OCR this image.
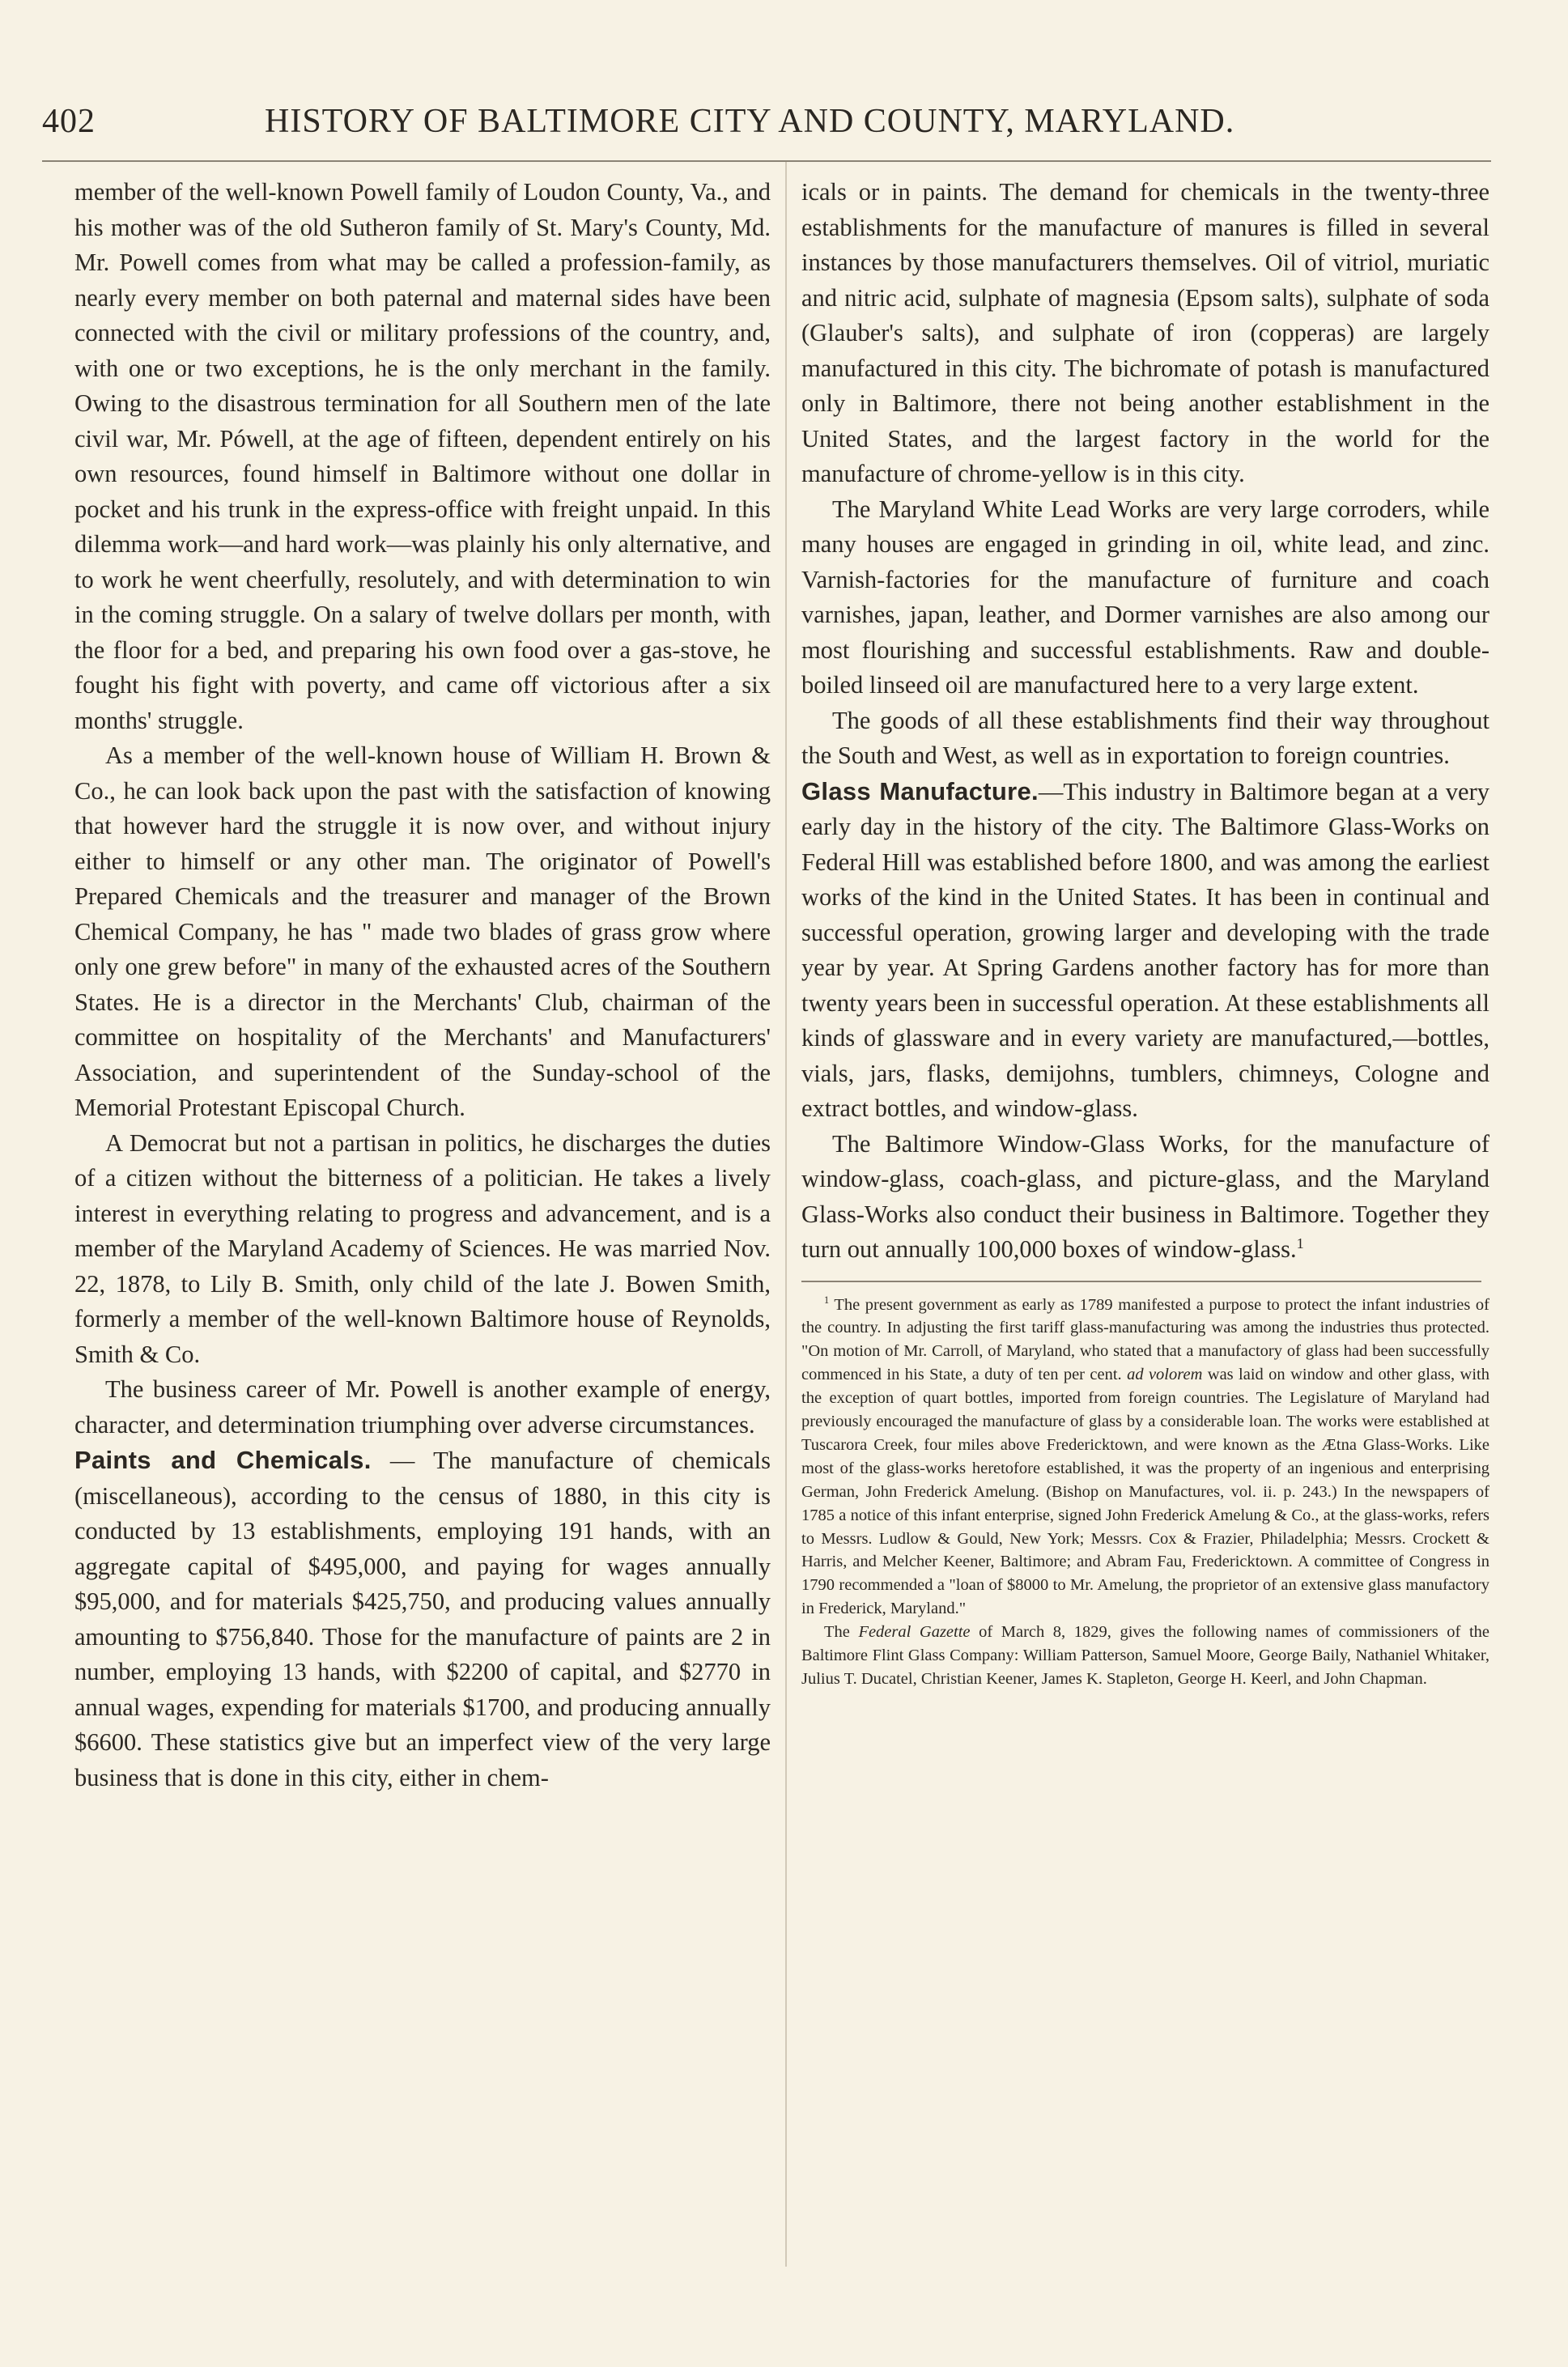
402	HISTORY OF BALTIMORE CITY AND COUNTY, MARYLAND.

member of the well-known Powell family of Loudon County, Va., and his mother was of the old Sutheron family of St. Mary's County, Md. Mr. Powell comes from what may be called a profession-family, as nearly every member on both paternal and maternal sides have been connected with the civil or military professions of the country, and, with one or two exceptions, he is the only merchant in the family. Owing to the disastrous termination for all Southern men of the late civil war, Mr. Pówell, at the age of fifteen, dependent entirely on his own resources, found himself in Baltimore without one dollar in pocket and his trunk in the express-office with freight unpaid. In this dilemma work—and hard work—was plainly his only alternative, and to work he went cheerfully, resolutely, and with determination to win in the coming struggle. On a salary of twelve dollars per month, with the floor for a bed, and preparing his own food over a gas-stove, he fought his fight with poverty, and came off victorious after a six months' struggle.

As a member of the well-known house of William H. Brown & Co., he can look back upon the past with the satisfaction of knowing that however hard the struggle it is now over, and without injury either to himself or any other man. The originator of Powell's Prepared Chemicals and the treasurer and manager of the Brown Chemical Company, he has " made two blades of grass grow where only one grew before" in many of the exhausted acres of the Southern States. He is a director in the Merchants' Club, chairman of the committee on hospitality of the Merchants' and Manufacturers' Association, and superintendent of the Sunday-school of the Memorial Protestant Episcopal Church.

A Democrat but not a partisan in politics, he discharges the duties of a citizen without the bitterness of a politician. He takes a lively interest in everything relating to progress and advancement, and is a member of the Maryland Academy of Sciences. He was married Nov. 22, 1878, to Lily B. Smith, only child of the late J. Bowen Smith, formerly a member of the well-known Baltimore house of Reynolds, Smith & Co.

The business career of Mr. Powell is another example of energy, character, and determination triumphing over adverse circumstances.

Paints and Chemicals. — The manufacture of chemicals (miscellaneous), according to the census of 1880, in this city is conducted by 13 establishments, employing 191 hands, with an aggregate capital of $495,000, and paying for wages annually $95,000, and for materials $425,750, and producing values annually amounting to $756,840. Those for the manufacture of paints are 2 in number, employing 13 hands, with $2200 of capital, and $2770 in annual wages, expending for materials $1700, and producing annually $6600. These statistics give but an imperfect view of the very large business that is done in this city, either in chem-

icals or in paints. The demand for chemicals in the twenty-three establishments for the manufacture of manures is filled in several instances by those manufacturers themselves. Oil of vitriol, muriatic and nitric acid, sulphate of magnesia (Epsom salts), sulphate of soda (Glauber's salts), and sulphate of iron (copperas) are largely manufactured in this city. The bichromate of potash is manufactured only in Baltimore, there not being another establishment in the United States, and the largest factory in the world for the manufacture of chrome-yellow is in this city.

The Maryland White Lead Works are very large corroders, while many houses are engaged in grinding in oil, white lead, and zinc. Varnish-factories for the manufacture of furniture and coach varnishes, japan, leather, and Dormer varnishes are also among our most flourishing and successful establishments. Raw and double-boiled linseed oil are manufactured here to a very large extent.

The goods of all these establishments find their way throughout the South and West, as well as in exportation to foreign countries.

Glass Manufacture.—This industry in Baltimore began at a very early day in the history of the city. The Baltimore Glass-Works on Federal Hill was established before 1800, and was among the earliest works of the kind in the United States. It has been in continual and successful operation, growing larger and developing with the trade year by year. At Spring Gardens another factory has for more than twenty years been in successful operation. At these establishments all kinds of glassware and in every variety are manufactured,—bottles, vials, jars, flasks, demijohns, tumblers, chimneys, Cologne and extract bottles, and window-glass.

The Baltimore Window-Glass Works, for the manufacture of window-glass, coach-glass, and picture-glass, and the Maryland Glass-Works also conduct their business in Baltimore. Together they turn out annually 100,000 boxes of window-glass.$^1$

$^1$ The present government as early as 1789 manifested a purpose to protect the infant industries of the country. In adjusting the first tariff glass-manufacturing was among the industries thus protected. "On motion of Mr. Carroll, of Maryland, who stated that a manufactory of glass had been successfully commenced in his State, a duty of ten per cent. ad volorem was laid on window and other glass, with the exception of quart bottles, imported from foreign countries. The Legislature of Maryland had previously encouraged the manufacture of glass by a considerable loan. The works were established at Tuscarora Creek, four miles above Fredericktown, and were known as the Ætna Glass-Works. Like most of the glass-works heretofore established, it was the property of an ingenious and enterprising German, John Frederick Amelung. (Bishop on Manufactures, vol. ii. p. 243.) In the newspapers of 1785 a notice of this infant enterprise, signed John Frederick Amelung & Co., at the glass-works, refers to Messrs. Ludlow & Gould, New York; Messrs. Cox & Frazier, Philadelphia; Messrs. Crockett & Harris, and Melcher Keener, Baltimore; and Abram Fau, Fredericktown. A committee of Congress in 1790 recommended a "loan of $8000 to Mr. Amelung, the proprietor of an extensive glass manufactory in Frederick, Maryland."

The Federal Gazette of March 8, 1829, gives the following names of commissioners of the Baltimore Flint Glass Company: William Patterson, Samuel Moore, George Baily, Nathaniel Whitaker, Julius T. Ducatel, Christian Keener, James K. Stapleton, George H. Keerl, and John Chapman.
